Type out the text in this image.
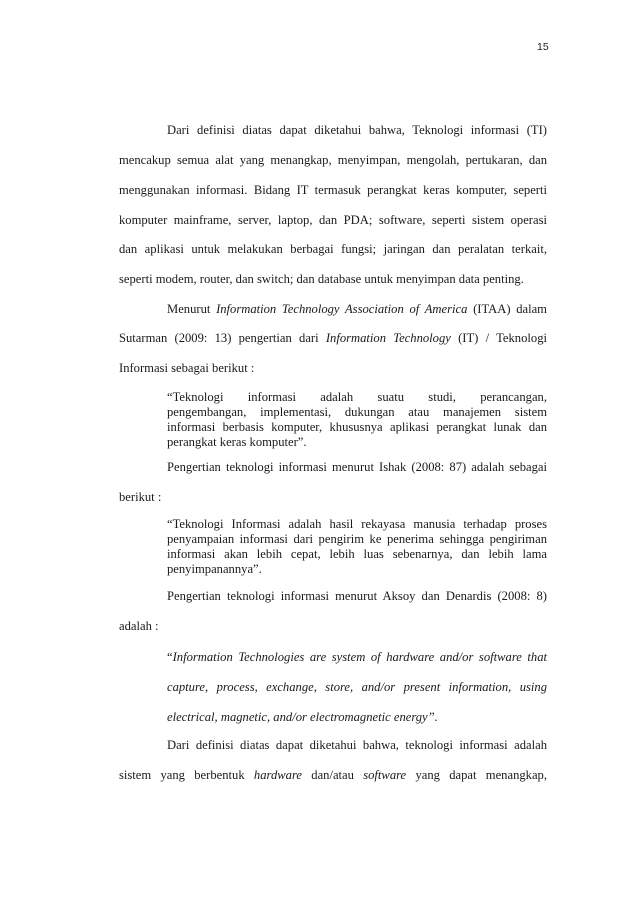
15
Dari definisi diatas dapat diketahui bahwa, Teknologi informasi (TI)
mencakup semua alat yang menangkap, menyimpan, mengolah, pertukaran, dan
menggunakan informasi. Bidang IT termasuk perangkat keras komputer, seperti
komputer mainframe, server, laptop, dan PDA; software, seperti sistem operasi
dan aplikasi untuk melakukan berbagai fungsi; jaringan dan peralatan terkait,
seperti modem, router, dan switch; dan database untuk menyimpan data penting.
Menurut Information Technology Association of America (ITAA) dalam
Sutarman (2009: 13) pengertian dari Information Technology (IT) / Teknologi
Informasi sebagai berikut :
“Teknologi informasi adalah suatu studi, perancangan,
pengembangan, implementasi, dukungan atau manajemen sistem
informasi berbasis komputer, khususnya aplikasi perangkat lunak dan
perangkat keras komputer”.
Pengertian teknologi informasi menurut Ishak (2008: 87) adalah sebagai
berikut :
“Teknologi Informasi adalah hasil rekayasa manusia terhadap proses
penyampaian informasi dari pengirim ke penerima sehingga pengiriman
informasi akan lebih cepat, lebih luas sebenarnya, dan lebih lama
penyimpanannya”.
Pengertian teknologi informasi menurut Aksoy dan Denardis (2008: 8)
adalah :
“Information Technologies are system of hardware and/or software that
capture, process, exchange, store, and/or present information, using
electrical, magnetic, and/or electromagnetic energy”.
Dari definisi diatas dapat diketahui bahwa, teknologi informasi adalah
sistem yang berbentuk hardware dan/atau software yang dapat menangkap,
